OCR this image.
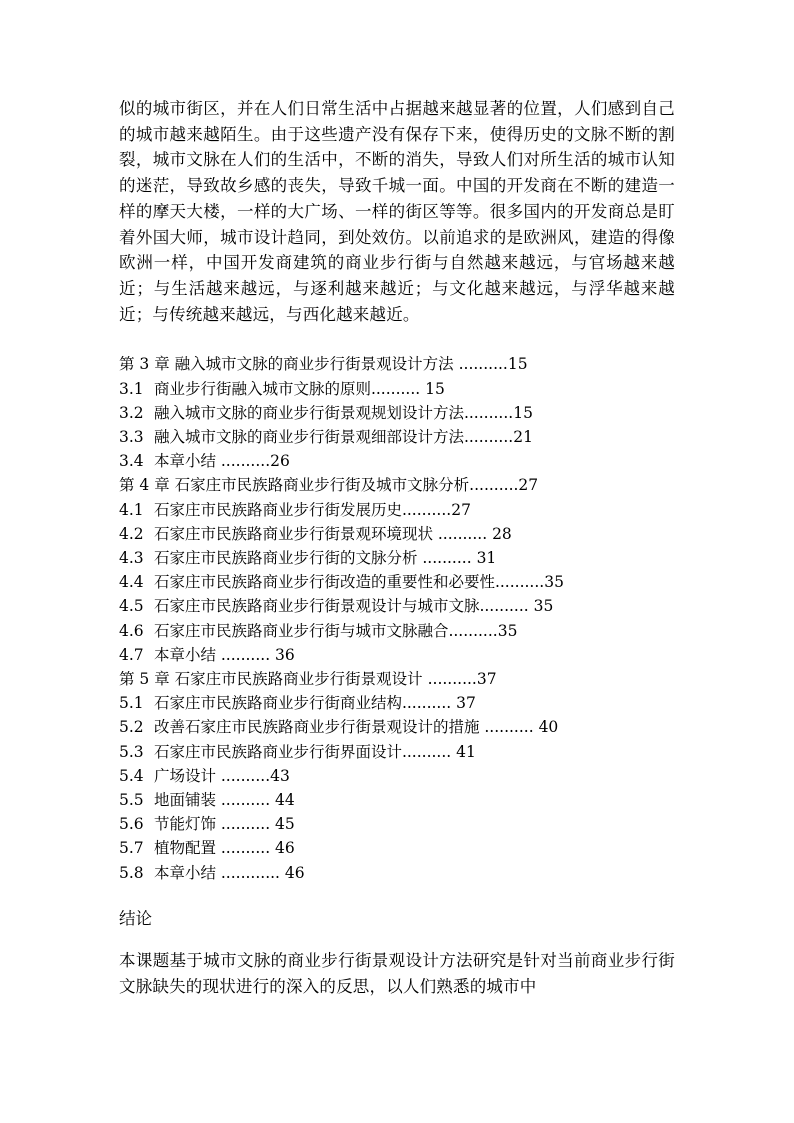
似的城市街区，并在人们日常生活中占据越来越显著的位置，人们感到自己的城市越来越陌生。由于这些遗产没有保存下来，使得历史的文脉不断的割裂，城市文脉在人们的生活中，不断的消失，导致人们对所生活的城市认知的迷茫，导致故乡感的丧失，导致千城一面。中国的开发商在不断的建造一样的摩天大楼，一样的大广场、一样的街区等等。很多国内的开发商总是盯着外国大师，城市设计趋同，到处效仿。以前追求的是欧洲风，建造的得像欧洲一样，中国开发商建筑的商业步行街与自然越来越远，与官场越来越近；与生活越来越远，与逐利越来越近；与文化越来越远，与浮华越来越近；与传统越来越远，与西化越来越近。

第 3 章 融入城市文脉的商业步行街景观设计方法 ..........15
3.1 商业步行街融入城市文脉的原则.......... 15
3.2 融入城市文脉的商业步行街景观规划设计方法..........15
3.3 融入城市文脉的商业步行街景观细部设计方法..........21
3.4 本章小结 ..........26
第 4 章 石家庄市民族路商业步行街及城市文脉分析..........27
4.1 石家庄市民族路商业步行街发展历史..........27
4.2 石家庄市民族路商业步行街景观环境现状 .......... 28
4.3 石家庄市民族路商业步行街的文脉分析 .......... 31
4.4 石家庄市民族路商业步行街改造的重要性和必要性..........35
4.5 石家庄市民族路商业步行街景观设计与城市文脉.......... 35
4.6 石家庄市民族路商业步行街与城市文脉融合..........35
4.7 本章小结 .......... 36
第 5 章 石家庄市民族路商业步行街景观设计 ..........37
5.1 石家庄市民族路商业步行街商业结构.......... 37
5.2 改善石家庄市民族路商业步行街景观设计的措施 .......... 40
5.3 石家庄市民族路商业步行街界面设计.......... 41
5.4 广场设计 ..........43
5.5 地面铺装 .......... 44
5.6 节能灯饰 .......... 45
5.7 植物配置 .......... 46
5.8 本章小结 ............ 46
结论

本课题基于城市文脉的商业步行街景观设计方法研究是针对当前商业步行街文脉缺失的现状进行的深入的反思，以人们熟悉的城市中
